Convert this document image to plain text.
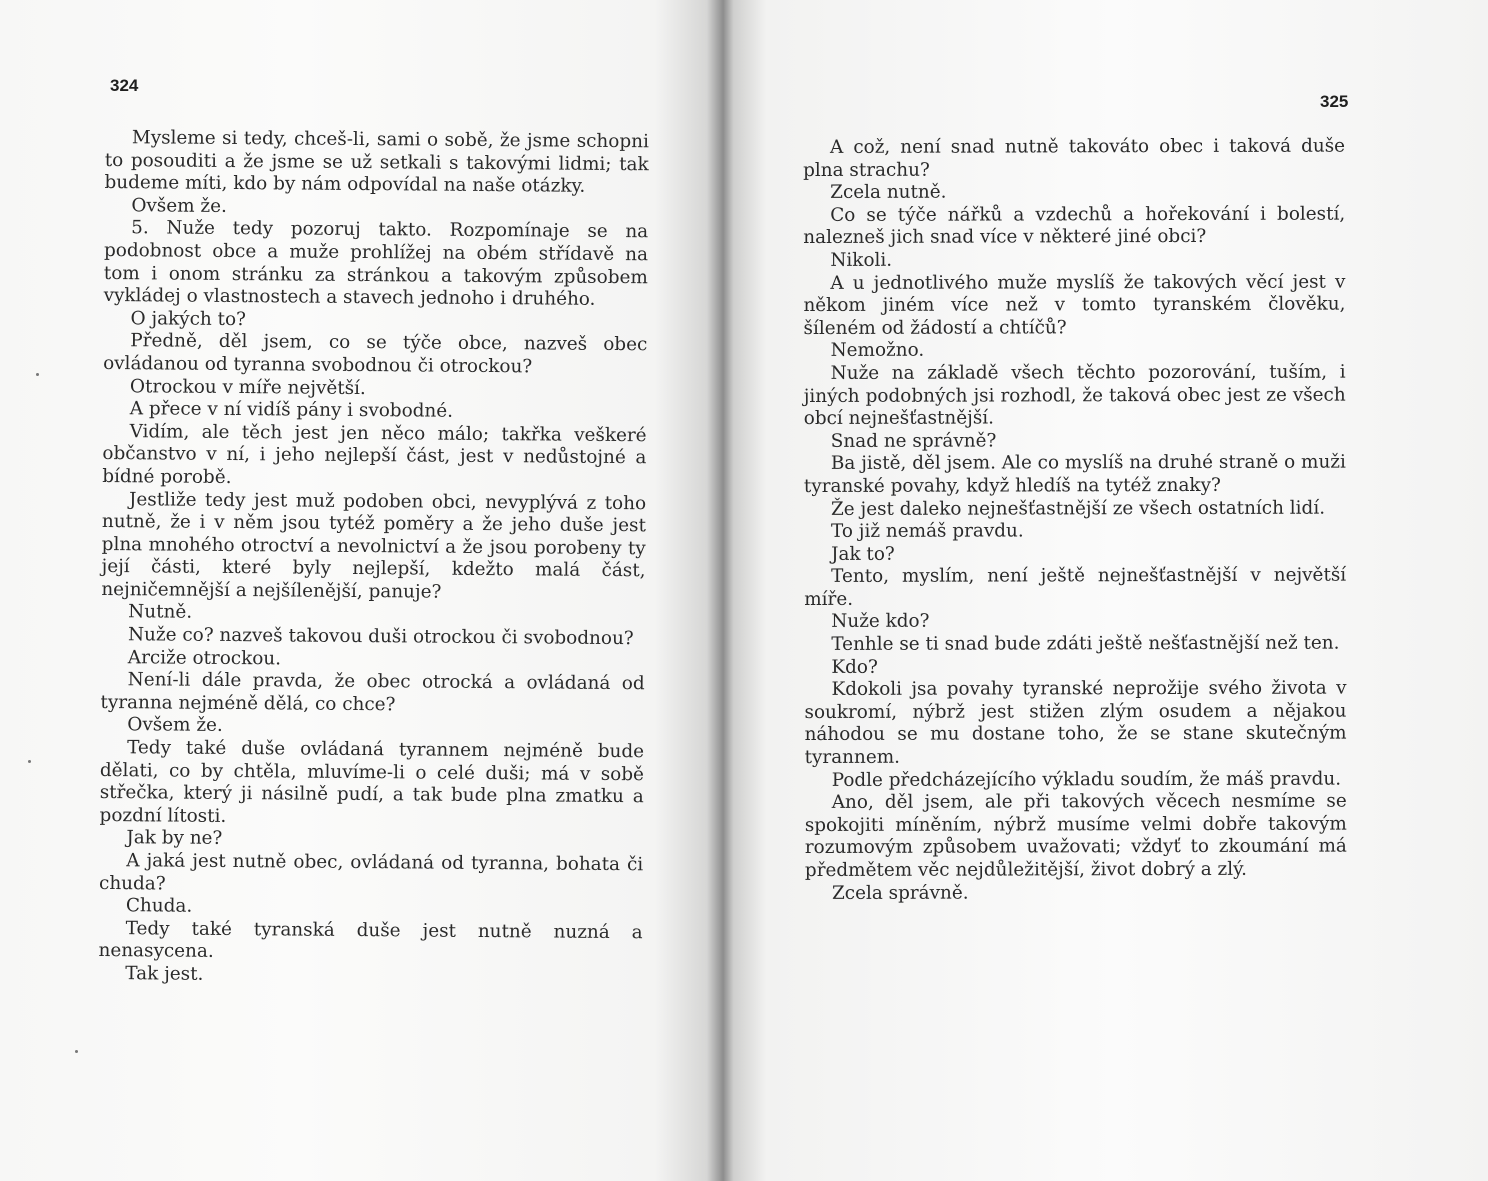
324

Mysleme si tedy, chceš-li, sami o sobě, že jsme schopni to posouditi a že jsme se už setkali s takovými lidmi; tak budeme míti, kdo by nám odpovídal na naše otázky.

Ovšem že.

5. Nuže tedy pozoruj takto. Rozpomínaje se na podobnost obce a muže prohlížej na obém střídavě na tom i onom stránku za stránkou a takovým způsobem vykládej o vlastnostech a stavech jednoho i druhého.

O jakých to?

Předně, děl jsem, co se týče obce, nazveš obec ovládanou od tyranna svobodnou či otrockou?

Otrockou v míře největší.

A přece v ní vidíš pány i svobodné.

Vidím, ale těch jest jen něco málo; takřka veškeré občanstvo v ní, i jeho nejlepší část, jest v nedůstojné a bídné porobě.

Jestliže tedy jest muž podoben obci, nevyplývá z toho nutně, že i v něm jsou tytéž poměry a že jeho duše jest plna mnohého otroctví a nevolnictví a že jsou porobeny ty její části, které byly nejlepší, kdežto malá část, nejničemnější a nejšílenější, panuje?

Nutně.

Nuže co? nazveš takovou duši otrockou či svobodnou?

Arciže otrockou.

Není-li dále pravda, že obec otrocká a ovládaná od tyranna nejméně dělá, co chce?

Ovšem že.

Tedy také duše ovládaná tyrannem nejméně bude dělati, co by chtěla, mluvíme-li o celé duši; má v sobě střečka, který ji násilně pudí, a tak bude plna zmatku a pozdní lítosti.

Jak by ne?

A jaká jest nutně obec, ovládaná od tyranna, bohata či chuda?

Chuda.

Tedy také tyranská duše jest nutně nuzná a nenasycena.

Tak jest.

325

A což, není snad nutně takováto obec i taková duše plna strachu?

Zcela nutně.

Co se týče nářků a vzdechů a hořekování i bolestí, nalezneš jich snad více v některé jiné obci?

Nikoli.

A u jednotlivého muže myslíš že takových věcí jest v někom jiném více než v tomto tyranském člověku, šíleném od žádostí a chtíčů?

Nemožno.

Nuže na základě všech těchto pozorování, tuším, i jiných podobných jsi rozhodl, že taková obec jest ze všech obcí nejnešťastnější.

Snad ne správně?

Ba jistě, děl jsem. Ale co myslíš na druhé straně o muži tyranské povahy, když hledíš na tytéž znaky?

Že jest daleko nejnešťastnější ze všech ostatních lidí.

To již nemáš pravdu.

Jak to?

Tento, myslím, není ještě nejnešťastnější v největší míře.

Nuže kdo?

Tenhle se ti snad bude zdáti ještě nešťastnější než ten.

Kdo?

Kdokoli jsa povahy tyranské neprožije svého života v soukromí, nýbrž jest stižen zlým osudem a nějakou náhodou se mu dostane toho, že se stane skutečným tyrannem.

Podle předcházejícího výkladu soudím, že máš pravdu.

Ano, děl jsem, ale při takových věcech nesmíme se spokojiti míněním, nýbrž musíme velmi dobře takovým rozumovým způsobem uvažovati; vždyť to zkoumání má předmětem věc nejdůležitější, život dobrý a zlý.

Zcela správně.
